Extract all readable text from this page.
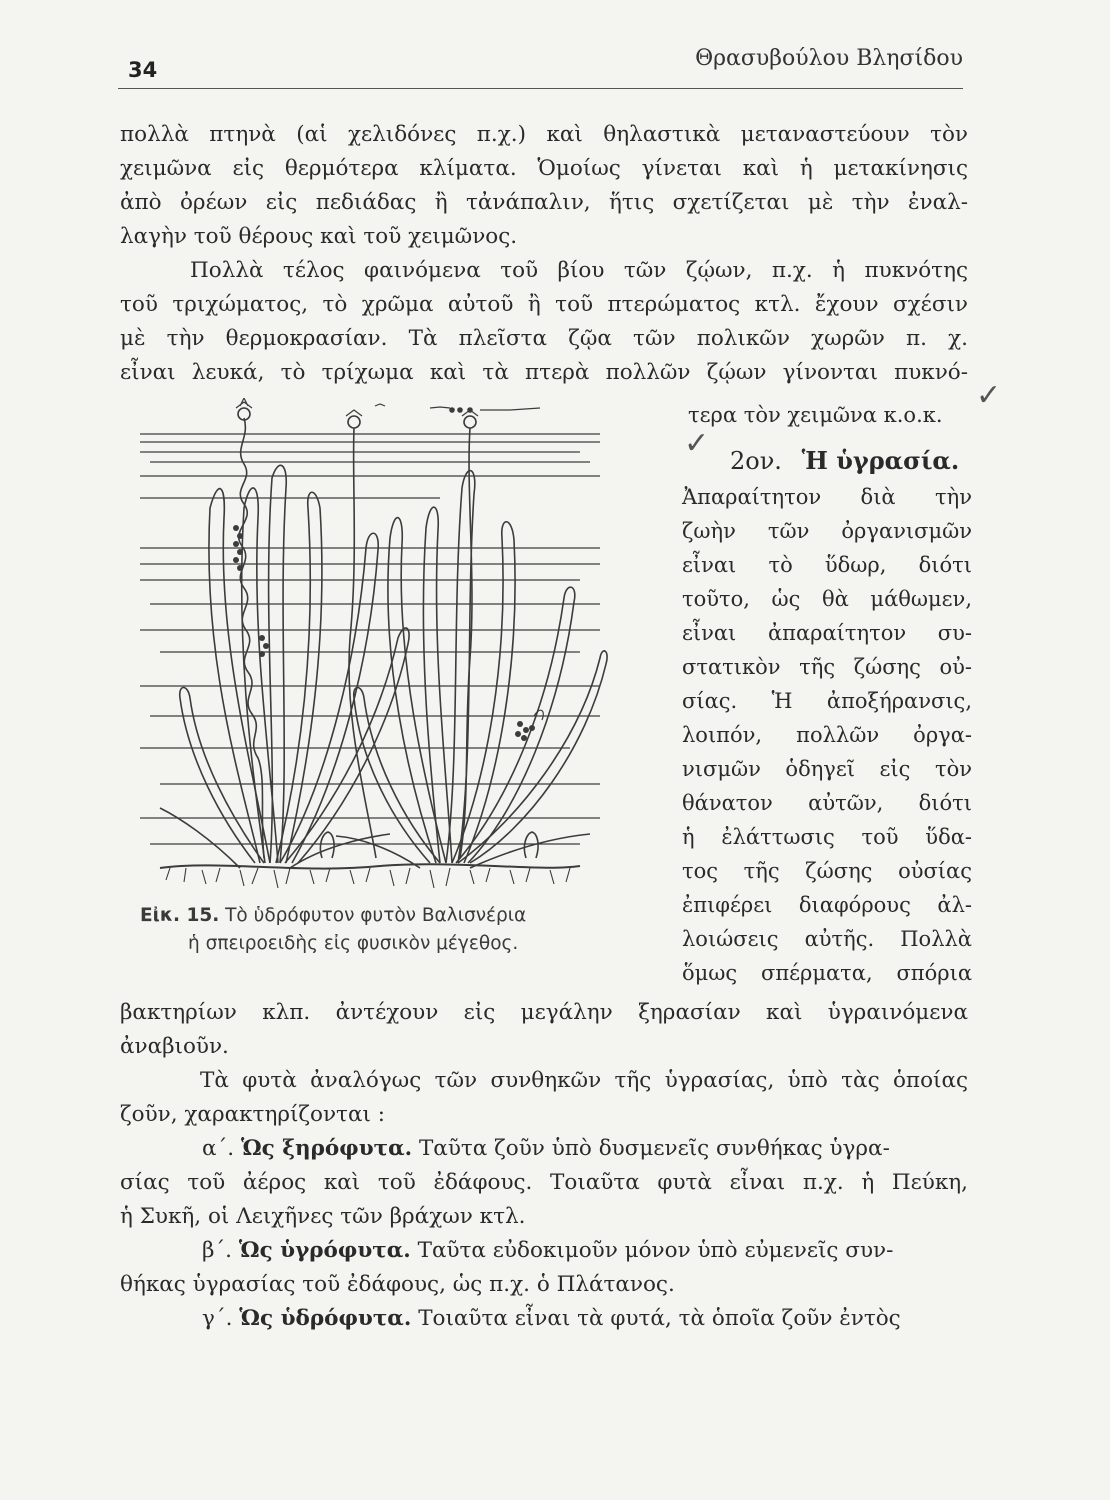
34	Θρασυβούλου Βλησίδου

πολλὰ πτηνὰ (αἱ χελιδόνες π.χ.) καὶ θηλαστικὰ μεταναστεύουν τὸν
χειμῶνα εἰς θερμότερα κλίματα. Ὁμοίως γίνεται καὶ ἡ μετακίνησις
ἀπὸ ὀρέων εἰς πεδιάδας ἢ τἀνάπαλιν, ἥτις σχετίζεται μὲ τὴν ἐναλ-
λαγὴν τοῦ θέρους καὶ τοῦ χειμῶνος.

Πολλὰ τέλος φαινόμενα τοῦ βίου τῶν ζῴων, π.χ. ἡ πυκνότης
τοῦ τριχώματος, τὸ χρῶμα αὐτοῦ ἢ τοῦ πτερώματος κτλ. ἔχουν σχέσιν
μὲ τὴν θερμοκρασίαν. Τὰ πλεῖστα ζῷα τῶν πολικῶν χωρῶν π. χ.
εἶναι λευκά, τὸ τρίχωμα καὶ τὰ πτερὰ πολλῶν ζῴων γίνονται πυκνό-

Εἰκ. 15. Τὸ ὑδρόφυτον φυτὸν Βαλισνέρια
ἡ σπειροειδὴς εἰς φυσικὸν μέγεθος.
τερα τὸν χειμῶνα κ.ο.κ.
2ον. Ἡ ὑγρασία.
Ἀπαραίτητον διὰ τὴν
ζωὴν τῶν ὀργανισμῶν
εἶναι τὸ ὕδωρ, διότι
τοῦτο, ὡς θὰ μάθωμεν,
εἶναι ἀπαραίτητον συ-
στατικὸν τῆς ζώσης οὐ-
σίας. Ἡ ἀποξήρανσις,
λοιπόν, πολλῶν ὀργα-
νισμῶν ὁδηγεῖ εἰς τὸν
θάνατον αὐτῶν, διότι
ἡ ἐλάττωσις τοῦ ὕδα-
τος τῆς ζώσης οὐσίας
ἐπιφέρει διαφόρους ἀλ-
λοιώσεις αὐτῆς. Πολλὰ
ὅμως σπέρματα, σπόρια
✓
✓

βακτηρίων κλπ. ἀντέχουν εἰς μεγάλην ξηρασίαν καὶ ὑγραινόμενα
ἀναβιοῦν.

Τὰ φυτὰ ἀναλόγως τῶν συνθηκῶν τῆς ὑγρασίας, ὑπὸ τὰς ὁποίας
ζοῦν, χαρακτηρίζονται :

α΄. Ὡς ξηρόφυτα. Ταῦτα ζοῦν ὑπὸ δυσμενεῖς συνθήκας ὑγρα-
σίας τοῦ ἀέρος καὶ τοῦ ἐδάφους. Τοιαῦτα φυτὰ εἶναι π.χ. ἡ Πεύκη,
ἡ Συκῆ, οἱ Λειχῆνες τῶν βράχων κτλ.

β΄. Ὡς ὑγρόφυτα. Ταῦτα εὐδοκιμοῦν μόνον ὑπὸ εὐμενεῖς συν-
θήκας ὑγρασίας τοῦ ἐδάφους, ὡς π.χ. ὁ Πλάτανος.

γ΄. Ὡς ὑδρόφυτα. Τοιαῦτα εἶναι τὰ φυτά, τὰ ὁποῖα ζοῦν ἐντὸς
